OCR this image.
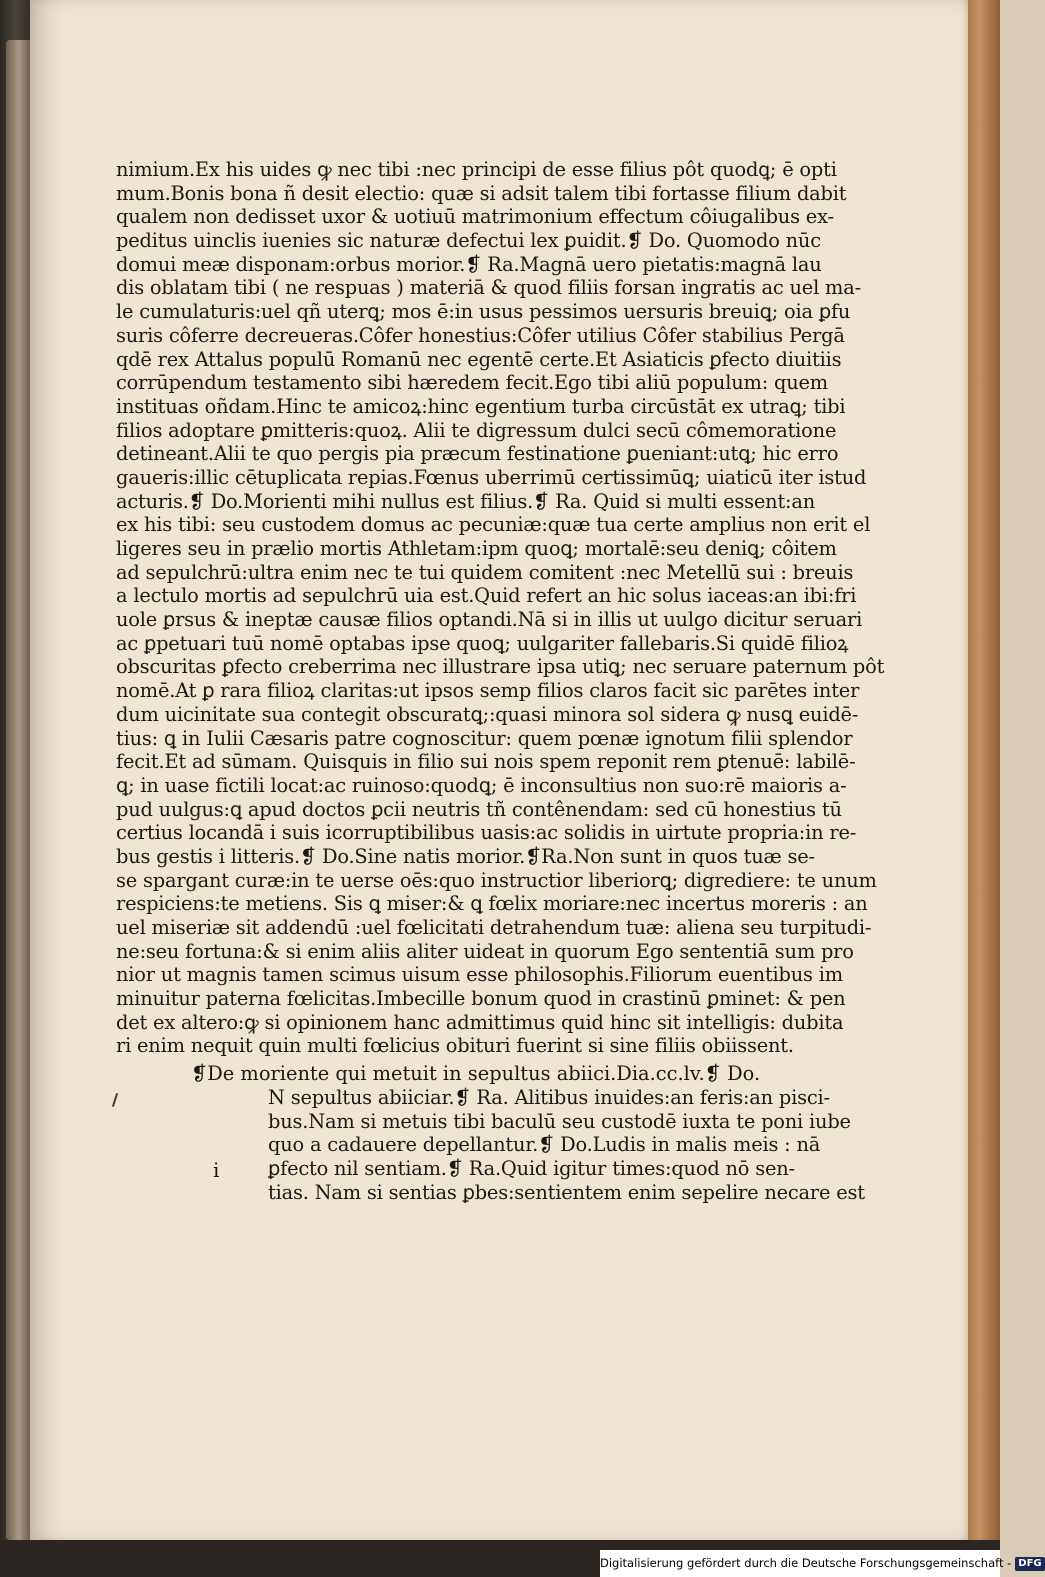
nimium.Ex his uides ꝙ nec tibi :nec principi de esse filius pôt quodꝗ; ē opti
mum.Bonis bona ñ desit electio: quæ si adsit talem tibi fortasse filium dabit
qualem non dedisset uxor & uotiuū matrimonium effectum côiugalibus ex-
peditus uinclis iuenies sic naturæ defectui lex ꝑuidit.❡ Do. Quomodo nūc
domui meæ disponam:orbus morior.❡ Ra.Magnā uero pietatis:magnā lau
dis oblatam tibi ( ne respuas ) materiā & quod filiis forsan ingratis ac uel ma-
le cumulaturis:uel qñ uterꝗ; mos ē:in usus pessimos uersuris breuiꝗ; oia ꝑfu
suris côferre decreueras.Côfer honestius:Côfer utilius Côfer stabilius Pergā
qdē rex Attalus populū Romanū nec egentē certe.Et Asiaticis ꝑfecto diuitiis
corrūpendum testamento sibi hæredem fecit.Ego tibi aliū populum: quem
instituas oñdam.Hinc te amicoꝝ:hinc egentium turba circūstāt ex utraꝗ; tibi
filios adoptare ꝑmitteris:quoꝝ. Alii te digressum dulci secū cômemoratione
detineant.Alii te quo pergis pia præcum festinatione ꝑueniant:utꝗ; hic erro
gaueris:illic cētuplicata repias.Fœnus uberrimū certissimūꝗ; uiaticū iter istud
acturis.❡ Do.Morienti mihi nullus est filius.❡ Ra. Quid si multi essent:an
ex his tibi: seu custodem domus ac pecuniæ:quæ tua certe amplius non erit el
ligeres seu in prælio mortis Athletam:ipm quoꝗ; mortalē:seu deniꝗ; côitem
ad sepulchrū:ultra enim nec te tui quidem comitent :nec Metellū sui : breuis
a lectulo mortis ad sepulchrū uia est.Quid refert an hic solus iaceas:an ibi:fri
uole ꝑrsus & ineptæ causæ filios optandi.Nā si in illis ut uulgo dicitur seruari
ac ꝑpetuari tuū nomē optabas ipse quoꝗ; uulgariter fallebaris.Si quidē filioꝝ
obscuritas ꝑfecto creberrima nec illustrare ipsa utiꝗ; nec seruare paternum pôt
nomē.At ꝑ rara filioꝝ claritas:ut ipsos semp filios claros facit sic parētes inter
dum uicinitate sua contegit obscuratꝗ;:quasi minora sol sidera ꝙ nusꝗ euidē-
tius: ꝗ in Iulii Cæsaris patre cognoscitur: quem pœnæ ignotum filii splendor
fecit.Et ad sūmam. Quisquis in filio sui nois spem reponit rem ꝑtenuē: labilē-
ꝗ; in uase fictili locat:ac ruinoso:quodꝗ; ē inconsultius non suo:rē maioris a-
pud uulgus:ꝗ apud doctos ꝑcii neutris tñ contênendam: sed cū honestius tū
certius locandā i suis icorruptibilibus uasis:ac solidis in uirtute propria:in re-
bus gestis i litteris.❡ Do.Sine natis morior.❡Ra.Non sunt in quos tuæ se-
se spargant curæ:in te uerse oēs:quo instructior liberiorꝗ; digrediere: te unum
respiciens:te metiens. Sis ꝗ miser:& ꝗ fœlix moriare:nec incertus moreris : an
uel miseriæ sit addendū :uel fœlicitati detrahendum tuæ: aliena seu turpitudi-
ne:seu fortuna:& si enim aliis aliter uideat in quorum Ego sententiā sum pro
nior ut magnis tamen scimus uisum esse philosophis.Filiorum euentibus im
minuitur paterna fœlicitas.Imbecille bonum quod in crastinū ꝑminet: & pen
det ex altero:ꝙ si opinionem hanc admittimus quid hinc sit intelligis: dubita
ri enim nequit quin multi fœlicius obituri fuerint si sine filiis obiissent.
❡De moriente qui metuit in sepultus abiici.Dia.cc.lv.❡ Do.
N sepultus abiiciar.❡ Ra. Alitibus inuides:an feris:an pisci-
bus.Nam si metuis tibi baculū seu custodē iuxta te poni iube
quo a cadauere depellantur.❡ Do.Ludis in malis meis : nā
ꝑfecto nil sentiam.❡ Ra.Quid igitur times:quod nō sen-
tias. Nam si sentias ꝑbes:sentientem enim sepelire necare est
i
Digitalisierung gefördert durch die Deutsche Forschungsgemeinschaft - DFG
